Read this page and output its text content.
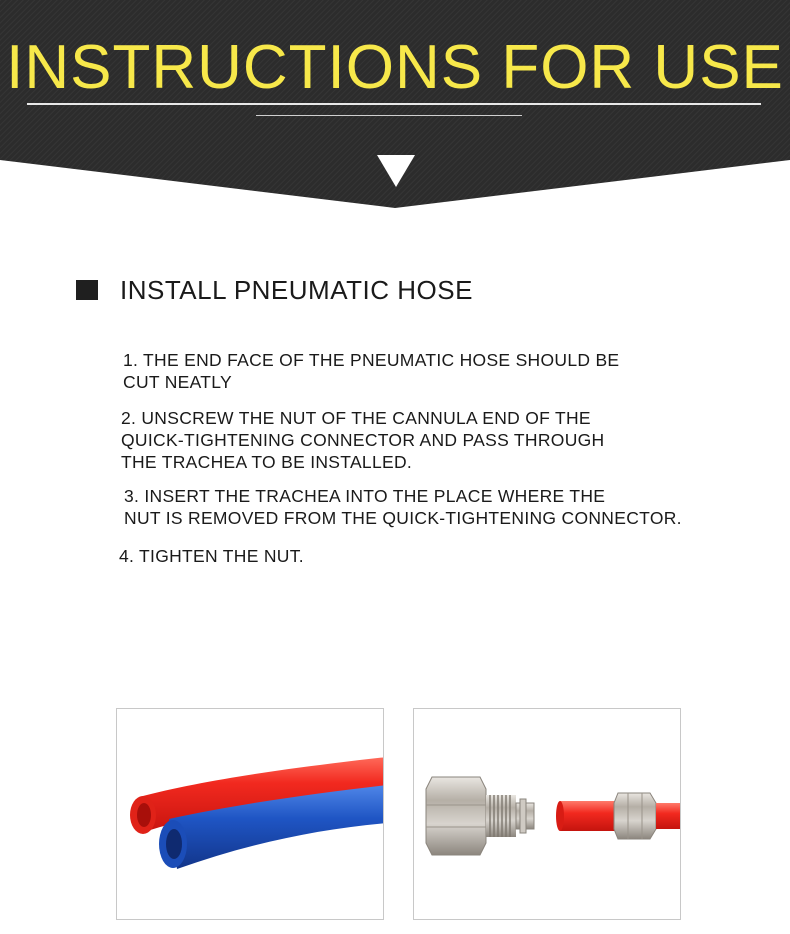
INSTRUCTIONS FOR USE
INSTALL PNEUMATIC HOSE
1. THE END FACE OF THE PNEUMATIC HOSE SHOULD BE
CUT NEATLY
2. UNSCREW THE NUT OF THE CANNULA END OF THE
QUICK-TIGHTENING CONNECTOR AND PASS THROUGH
THE TRACHEA TO BE INSTALLED.
3. INSERT THE TRACHEA INTO THE PLACE WHERE THE
NUT IS REMOVED FROM THE QUICK-TIGHTENING CONNECTOR.
4. TIGHTEN THE NUT.
